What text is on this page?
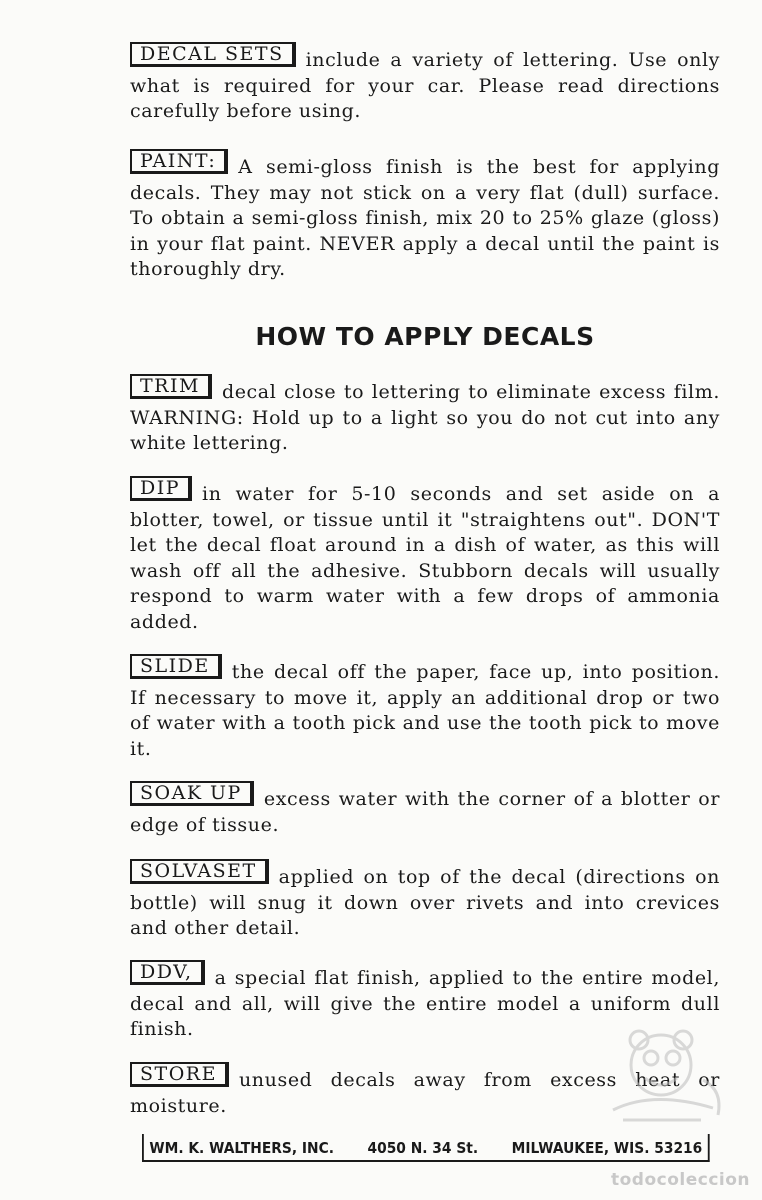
DECAL SETS include a variety of lettering. Use only what is required for your car. Please read directions carefully before using.

PAINT: A semi-gloss finish is the best for applying decals. They may not stick on a very flat (dull) surface. To obtain a semi-gloss finish, mix 20 to 25% glaze (gloss) in your flat paint. NEVER apply a decal until the paint is thoroughly dry.

HOW TO APPLY DECALS

TRIM decal close to lettering to eliminate excess film. WARNING: Hold up to a light so you do not cut into any white lettering.

DIP in water for 5-10 seconds and set aside on a blotter, towel, or tissue until it "straightens out". DON'T let the decal float around in a dish of water, as this will wash off all the adhesive. Stubborn decals will usually respond to warm water with a few drops of ammonia added.

SLIDE the decal off the paper, face up, into position. If necessary to move it, apply an additional drop or two of water with a tooth pick and use the tooth pick to move it.

SOAK UP excess water with the corner of a blotter or edge of tissue.

SOLVASET applied on top of the decal (directions on bottle) will snug it down over rivets and into crevices and other detail.

DDV, a special flat finish, applied to the entire model, decal and all, will give the entire model a uniform dull finish.

STORE unused decals away from excess heat or moisture.

WM. K. WALTHERS, INC. 4050 N. 34 St. MILWAUKEE, WIS. 53216
todocoleccion
